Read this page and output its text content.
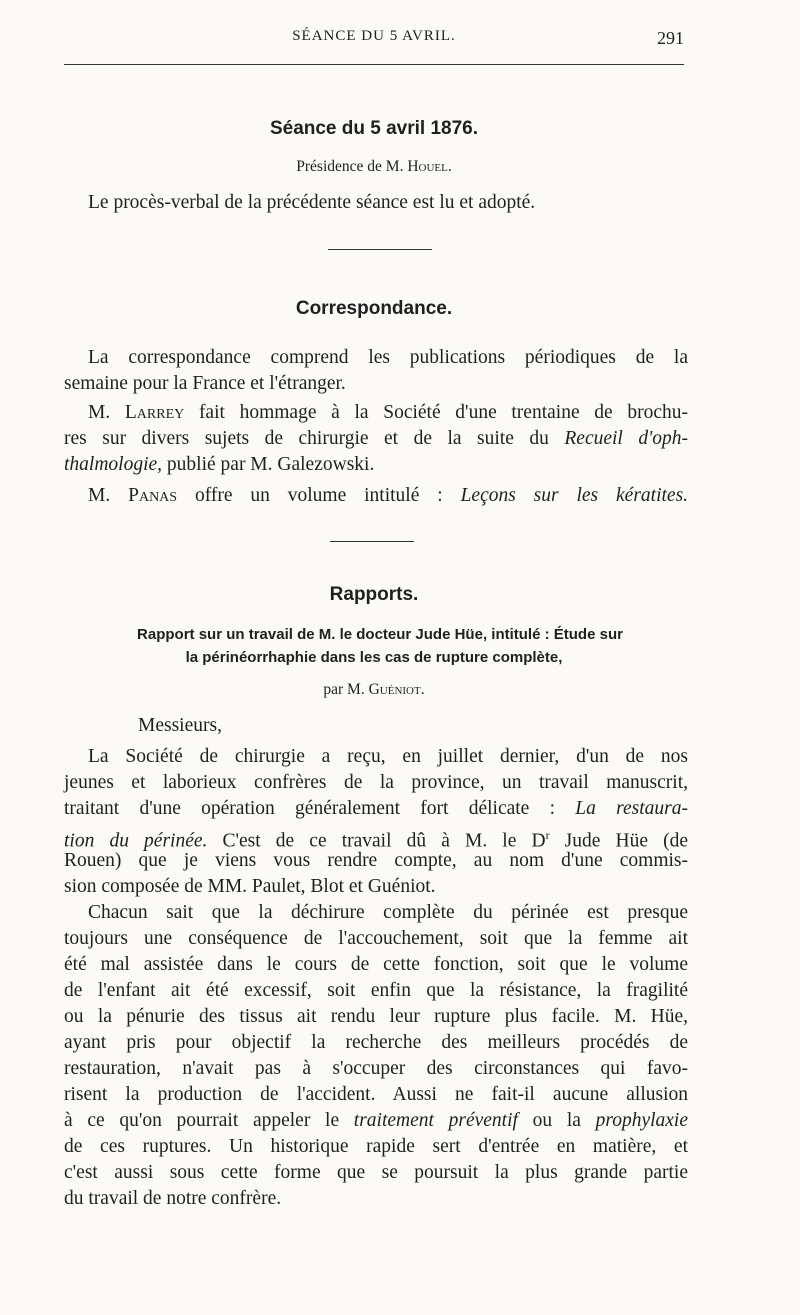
SÉANCE DU 5 AVRIL.	291
Séance du 5 avril 1876.
Présidence de M. Houel.
Le procès-verbal de la précédente séance est lu et adopté.
Correspondance.
La correspondance comprend les publications périodiques de la
semaine pour la France et l'étranger.
M. Larrey fait hommage à la Société d'une trentaine de brochu-
res sur divers sujets de chirurgie et de la suite du Recueil d'oph-
thalmologie, publié par M. Galezowski.
M. Panas offre un volume intitulé : Leçons sur les kératites.
Rapports.
Rapport sur un travail de M. le docteur Jude Hüe, intitulé : Étude sur
la périnéorrhaphie dans les cas de rupture complète,
par M. Guéniot.
Messieurs,
La Société de chirurgie a reçu, en juillet dernier, d'un de nos
jeunes et laborieux confrères de la province, un travail manuscrit,
traitant d'une opération généralement fort délicate : La restaura-
tion du périnée. C'est de ce travail dû à M. le $D^r$ Jude Hüe (de
Rouen) que je viens vous rendre compte, au nom d'une commis-
sion composée de MM. Paulet, Blot et Guéniot.
Chacun sait que la déchirure complète du périnée est presque
toujours une conséquence de l'accouchement, soit que la femme ait
été mal assistée dans le cours de cette fonction, soit que le volume
de l'enfant ait été excessif, soit enfin que la résistance, la fragilité
ou la pénurie des tissus ait rendu leur rupture plus facile. M. Hüe,
ayant pris pour objectif la recherche des meilleurs procédés de
restauration, n'avait pas à s'occuper des circonstances qui favo-
risent la production de l'accident. Aussi ne fait-il aucune allusion
à ce qu'on pourrait appeler le traitement préventif ou la prophylaxie
de ces ruptures. Un historique rapide sert d'entrée en matière, et
c'est aussi sous cette forme que se poursuit la plus grande partie
du travail de notre confrère.
